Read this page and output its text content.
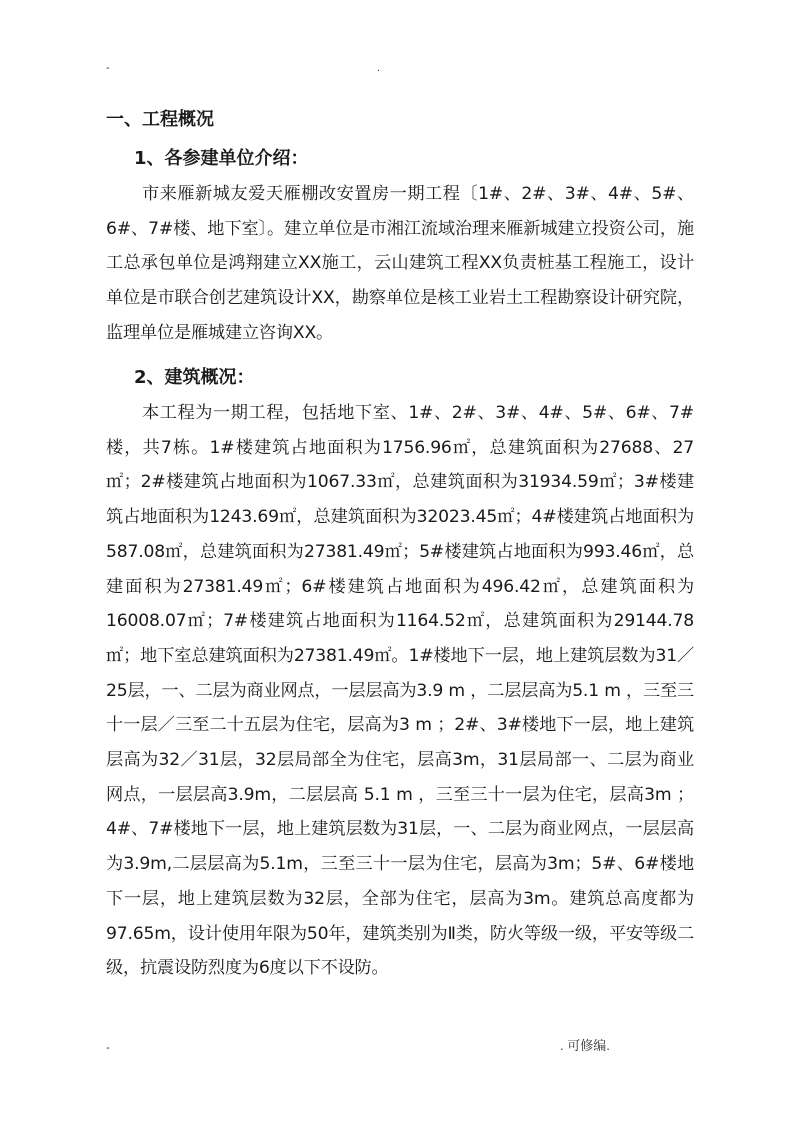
-	.
一、工程概况
1、各参建单位介绍：

市来雁新城友爱天雁棚改安置房一期工程〔1#、2#、3#、4#、5#、6#、7#楼、地下室〕。建立单位是市湘江流域治理来雁新城建立投资公司，施工总承包单位是鸿翔建立XX施工，云山建筑工程XX负责桩基工程施工，设计单位是市联合创艺建筑设计XX，勘察单位是核工业岩土工程勘察设计研究院，监理单位是雁城建立咨询XX。

2、建筑概况：

本工程为一期工程，包括地下室、1#、2#、3#、4#、5#、6#、7#楼，共7栋。1#楼建筑占地面积为1756.96㎡，总建筑面积为27688、27㎡；2#楼建筑占地面积为1067.33㎡，总建筑面积为31934.59㎡；3#楼建筑占地面积为1243.69㎡，总建筑面积为32023.45㎡；4#楼建筑占地面积为587.08㎡，总建筑面积为27381.49㎡；5#楼建筑占地面积为993.46㎡，总建面积为27381.49㎡；6#楼建筑占地面积为496.42㎡，总建筑面积为16008.07㎡；7#楼建筑占地面积为1164.52㎡，总建筑面积为29144.78㎡；地下室总建筑面积为27381.49㎡。1#楼地下一层，地上建筑层数为31／25层，一、二层为商业网点，一层层高为3.9 m ，二层层高为5.1 m ，三至三十一层／三至二十五层为住宅，层高为3 m ；2#、3#楼地下一层，地上建筑层高为32／31层，32层局部全为住宅，层高3m，31层局部一、二层为商业网点，一层层高3.9m，二层层高 5.1 m ，三至三十一层为住宅，层高3m ；4#、7#楼地下一层，地上建筑层数为31层，一、二层为商业网点，一层层高为3.9m,二层层高为5.1m，三至三十一层为住宅，层高为3m；5#、6#楼地下一层，地上建筑层数为32层，全部为住宅，层高为3m。建筑总高度都为97.65m，设计使用年限为50年，建筑类别为Ⅱ类，防火等级一级，平安等级二级，抗震设防烈度为6度以下不设防。

-	. 可修编.
